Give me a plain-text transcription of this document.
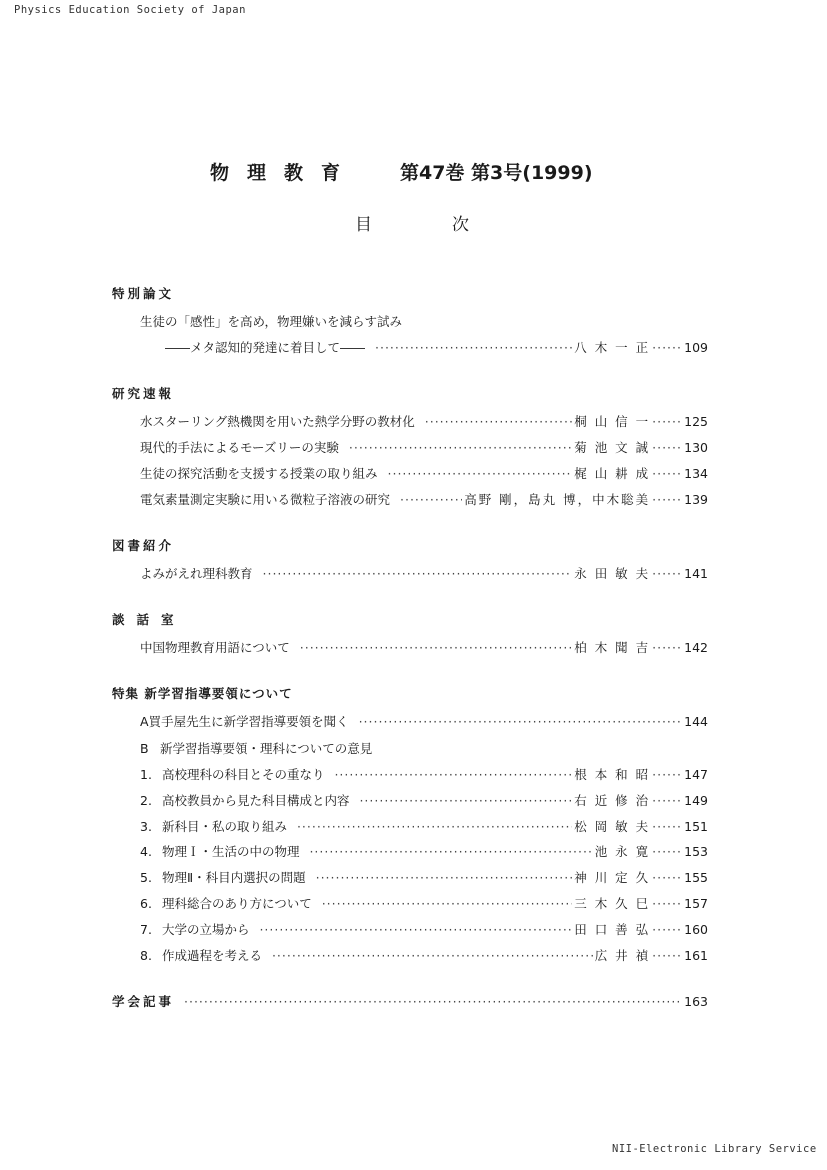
Physics Education Society of Japan
NII-Electronic Library Service
物理教育 第47巻 第3号(1999)
目	次
特別論文
生徒の「感性」を高め，物理嫌いを減らす試み
――メタ認知的発達に着目して―― ·····	八 木 一 正 ·····	109
研究速報
水スターリング熱機関を用いた熱学分野の教材化 ·····	桐 山 信 一 ·····	125
現代的手法によるモーズリーの実験 ·····	菊 池 文 誠 ·····	130
生徒の探究活動を支援する授業の取り組み ·····	梶 山 耕 成 ·····	134
電気素量測定実験に用いる微粒子溶液の研究 ·····	高野 剛，島丸 博，中木聡美 ·····	139
図書紹介
よみがえれ理科教育 ·····	永 田 敏 夫 ·····	141
談話室
中国物理教育用語について ·····	柏 木 聞 吉 ·····	142
特集 新学習指導要領について
A 買手屋先生に新学習指導要領を聞く ·····	144
B 新学習指導要領・理科についての意見
1. 高校理科の科目とその重なり ·····	根 本 和 昭 ·····	147
2. 高校教員から見た科目構成と内容 ·····	右 近 修 治 ·····	149
3. 新科目・私の取り組み ·····	松 岡 敏 夫 ·····	151
4. 物理Ｉ・生活の中の物理 ·····	池 永 寛 ·····	153
5. 物理Ⅱ・科目内選択の問題 ·····	神 川 定 久 ·····	155
6. 理科総合のあり方について ·····	三 木 久 巳 ·····	157
7. 大学の立場から ·····	田 口 善 弘 ·····	160
8. 作成過程を考える ·····	広 井 禎 ·····	161
学会記事 ·····	163
